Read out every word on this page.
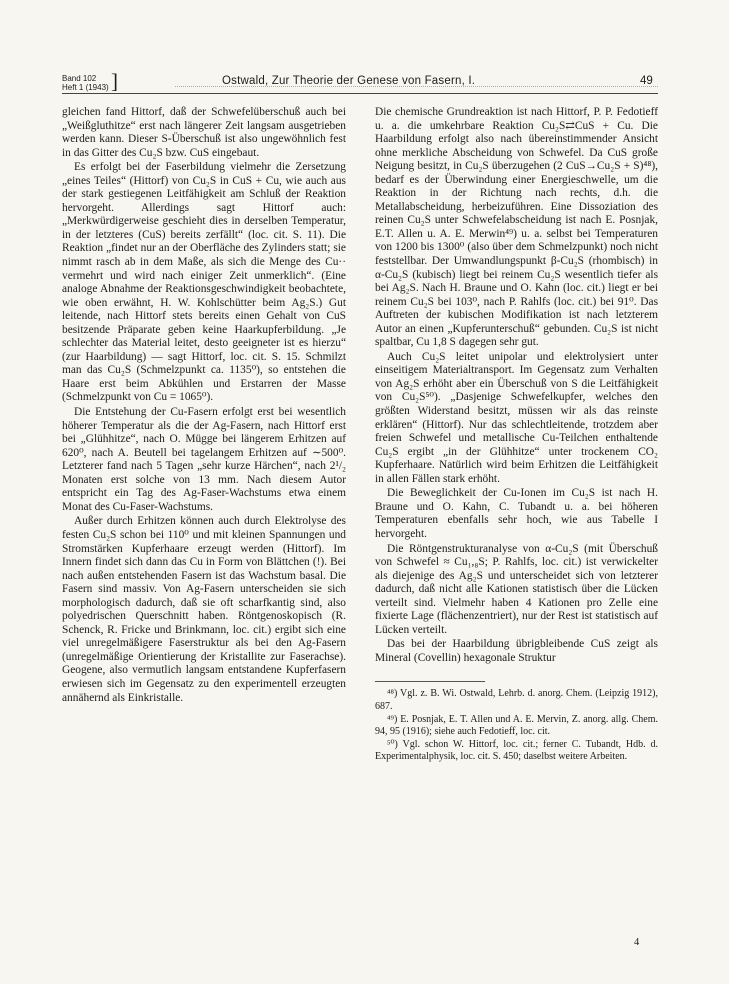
Band 102
Heft 1 (1943) ]	Ostwald, Zur Theorie der Genese von Fasern, I.	49

gleichen fand Hittorf, daß der Schwefelüberschuß auch bei „Weißgluthitze“ erst nach längerer Zeit langsam ausgetrieben werden kann. Dieser S-Überschuß ist also ungewöhnlich fest in das Gitter des Cu₂S bzw. CuS eingebaut.

Es erfolgt bei der Faserbildung vielmehr die Zersetzung „eines Teiles“ (Hittorf) von Cu₂S in CuS + Cu, wie auch aus der stark gestiegenen Leitfähigkeit am Schluß der Reaktion hervorgeht. Allerdings sagt Hittorf auch: „Merkwürdigerweise geschieht dies in derselben Temperatur, in der letzteres (CuS) bereits zerfällt“ (loc. cit. S. 11). Die Reaktion „findet nur an der Oberfläche des Zylinders statt; sie nimmt rasch ab in dem Maße, als sich die Menge des Cu·· vermehrt und wird nach einiger Zeit unmerklich“. (Eine analoge Abnahme der Reaktionsgeschwindigkeit beobachtete, wie oben erwähnt, H. W. Kohlschütter beim Ag₂S.) Gut leitende, nach Hittorf stets bereits einen Gehalt von CuS besitzende Präparate geben keine Haarkupferbildung. „Je schlechter das Material leitet, desto geeigneter ist es hierzu“ (zur Haarbildung) — sagt Hittorf, loc. cit. S. 15. Schmilzt man das Cu₂S (Schmelzpunkt ca. 1135⁰), so entstehen die Haare erst beim Abkühlen und Erstarren der Masse (Schmelzpunkt von Cu = 1065⁰).

Die Entstehung der Cu-Fasern erfolgt erst bei wesentlich höherer Temperatur als die der Ag-Fasern, nach Hittorf erst bei „Glühhitze“, nach O. Mügge bei längerem Erhitzen auf 620⁰, nach A. Beutell bei tagelangem Erhitzen auf ∼500⁰. Letzterer fand nach 5 Tagen „sehr kurze Härchen“, nach 2¹/₂ Monaten erst solche von 13 mm. Nach diesem Autor entspricht ein Tag des Ag-Faser-Wachstums etwa einem Monat des Cu-Faser-Wachstums.

Außer durch Erhitzen können auch durch Elektrolyse des festen Cu₂S schon bei 110⁰ und mit kleinen Spannungen und Stromstärken Kupferhaare erzeugt werden (Hittorf). Im Innern findet sich dann das Cu in Form von Blättchen (!). Bei nach außen entstehenden Fasern ist das Wachstum basal. Die Fasern sind massiv. Von Ag-Fasern unterscheiden sie sich morphologisch dadurch, daß sie oft scharfkantig sind, also polyedrischen Querschnitt haben. Röntgenoskopisch (R. Schenck, R. Fricke und Brinkmann, loc. cit.) ergibt sich eine viel unregelmäßigere Faserstruktur als bei den Ag-Fasern (unregelmäßige Orientierung der Kristallite zur Faserachse). Geogene, also vermutlich langsam entstandene Kupferfasern erwiesen sich im Gegensatz zu den experimentell erzeugten annähernd als Einkristalle.

Die chemische Grundreaktion ist nach Hittorf, P. P. Fedotieff u. a. die umkehrbare Reaktion Cu₂S⇄CuS + Cu. Die Haarbildung erfolgt also nach übereinstimmender Ansicht ohne merkliche Abscheidung von Schwefel. Da CuS große Neigung besitzt, in Cu₂S überzugehen (2 CuS→Cu₂S + S)⁴⁸), bedarf es der Überwindung einer Energieschwelle, um die Reaktion in der Richtung nach rechts, d.h. die Metallabscheidung, herbeizuführen. Eine Dissoziation des reinen Cu₂S unter Schwefelabscheidung ist nach E. Posnjak, E.T. Allen u. A. E. Merwin⁴⁹) u. a. selbst bei Temperaturen von 1200 bis 1300⁰ (also über dem Schmelzpunkt) noch nicht feststellbar. Der Umwandlungspunkt β-Cu₂S (rhombisch) in α-Cu₂S (kubisch) liegt bei reinem Cu₂S wesentlich tiefer als bei Ag₂S. Nach H. Braune und O. Kahn (loc. cit.) liegt er bei reinem Cu₂S bei 103⁰, nach P. Rahlfs (loc. cit.) bei 91⁰. Das Auftreten der kubischen Modifikation ist nach letzterem Autor an einen „Kupferunterschuß“ gebunden. Cu₂S ist nicht spaltbar, Cu 1,8 S dagegen sehr gut.

Auch Cu₂S leitet unipolar und elektrolysiert unter einseitigem Materialtransport. Im Gegensatz zum Verhalten von Ag₂S erhöht aber ein Überschuß von S die Leitfähigkeit von Cu₂S⁵⁰). „Dasjenige Schwefelkupfer, welches den größten Widerstand besitzt, müssen wir als das reinste erklären“ (Hittorf). Nur das schlechtleitende, trotzdem aber freien Schwefel und metallische Cu-Teilchen enthaltende Cu₂S ergibt „in der Glühhitze“ unter trockenem CO₂ Kupferhaare. Natürlich wird beim Erhitzen die Leitfähigkeit in allen Fällen stark erhöht.

Die Beweglichkeit der Cu-Ionen im Cu₂S ist nach H. Braune und O. Kahn, C. Tubandt u. a. bei höheren Temperaturen ebenfalls sehr hoch, wie aus Tabelle I hervorgeht.

Die Röntgenstrukturanalyse von α-Cu₂S (mit Überschuß von Schwefel ≈ Cu₁,₈S; P. Rahlfs, loc. cit.) ist verwickelter als diejenige des Ag₂S und unterscheidet sich von letzterer dadurch, daß nicht alle Kationen statistisch über die Lücken verteilt sind. Vielmehr haben 4 Kationen pro Zelle eine fixierte Lage (flächenzentriert), nur der Rest ist statistisch auf Lücken verteilt.

Das bei der Haarbildung übrigbleibende CuS zeigt als Mineral (Covellin) hexagonale Struktur

⁴⁸) Vgl. z. B. Wi. Ostwald, Lehrb. d. anorg. Chem. (Leipzig 1912), 687.

⁴⁹) E. Posnjak, E. T. Allen und A. E. Mervin, Z. anorg. allg. Chem. 94, 95 (1916); siehe auch Fedotieff, loc. cit.

⁵⁰) Vgl. schon W. Hittorf, loc. cit.; ferner C. Tubandt, Hdb. d. Experimentalphysik, loc. cit. S. 450; daselbst weitere Arbeiten.

4
